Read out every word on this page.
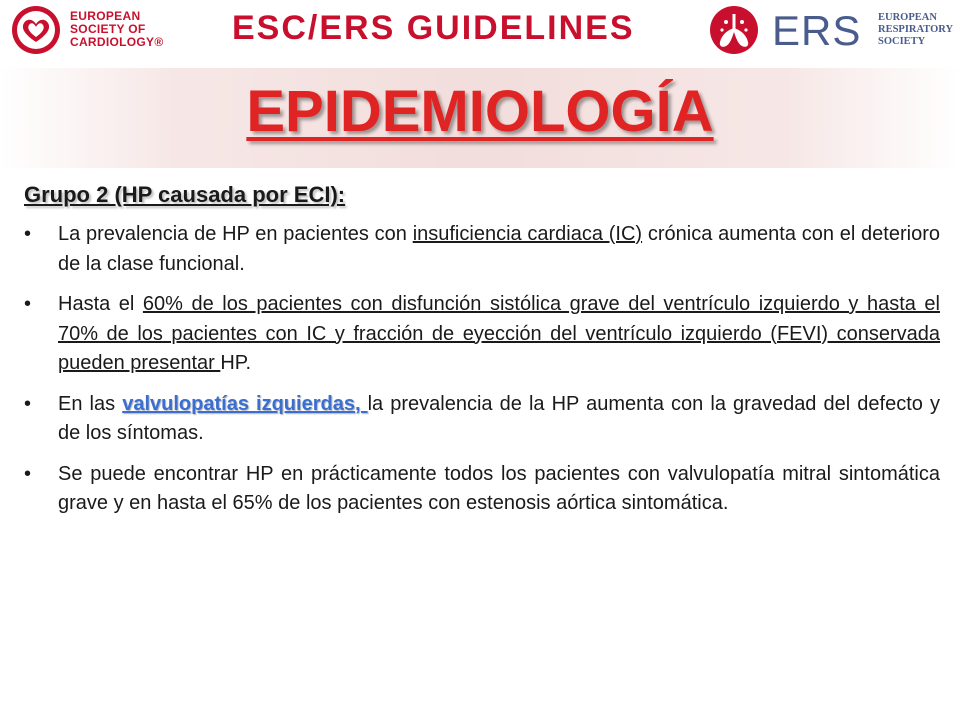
EUROPEAN
SOCIETY OF
CARDIOLOGY®	ESC/ERS GUIDELINES	ERS EUROPEAN
RESPIRATORY
SOCIETY
EPIDEMIOLOGÍA
Grupo 2 (HP causada por ECI):
• La prevalencia de HP en pacientes con insuficiencia cardiaca (IC) crónica aumenta con el deterioro de la clase funcional.
• Hasta el 60% de los pacientes con disfunción sistólica grave del ventrículo izquierdo y hasta el 70% de los pacientes con IC y fracción de eyección del ventrículo izquierdo (FEVI) conservada pueden presentar HP.
• En las valvulopatías izquierdas, la prevalencia de la HP aumenta con la gravedad del defecto y de los síntomas.
• Se puede encontrar HP en prácticamente todos los pacientes con valvulopatía mitral sintomática grave y en hasta el 65% de los pacientes con estenosis aórtica sintomática.
